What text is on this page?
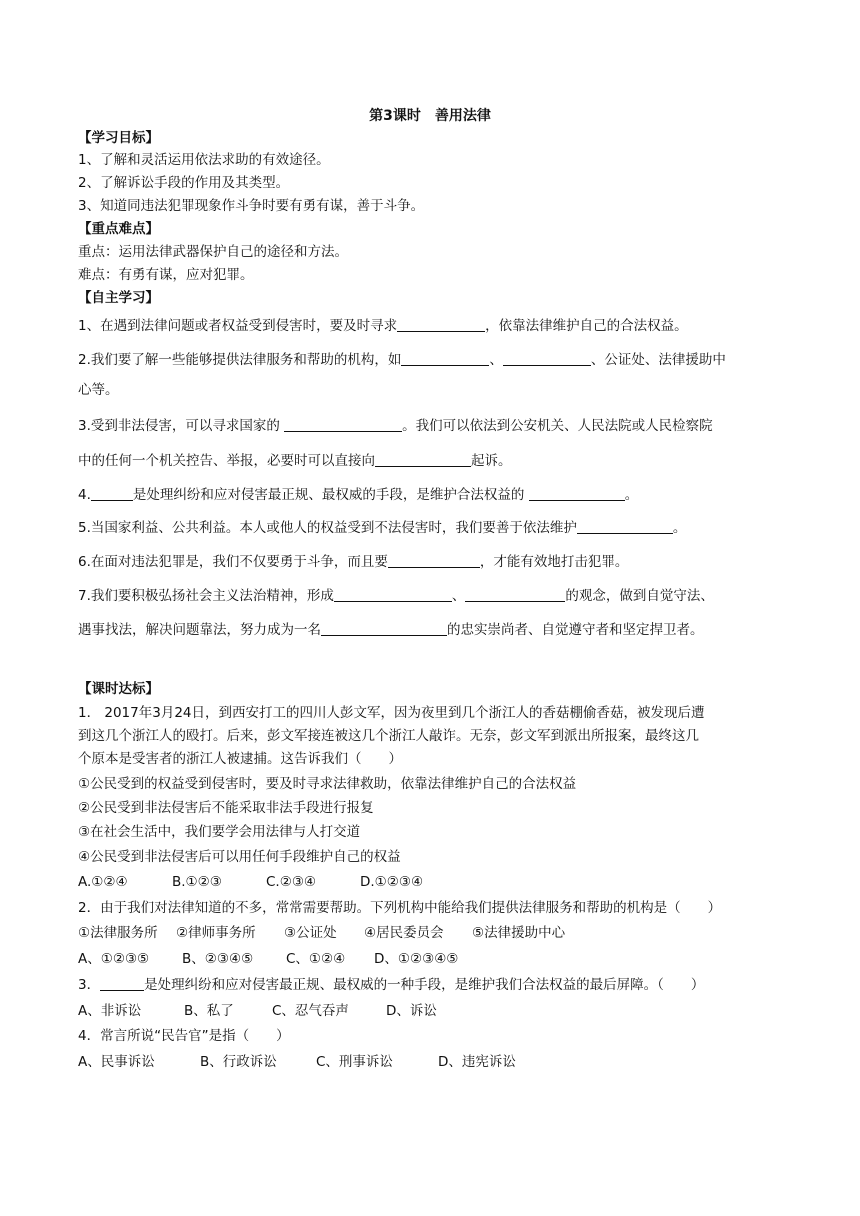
第3课时　善用法律
【学习目标】
1、了解和灵活运用依法求助的有效途径。
2、了解诉讼手段的作用及其类型。
3、知道同违法犯罪现象作斗争时要有勇有谋，善于斗争。
【重点难点】
重点：运用法律武器保护自己的途径和方法。
难点：有勇有谋，应对犯罪。
【自主学习】
1、在遇到法律问题或者权益受到侵害时，要及时寻求	，依靠法律维护自己的合法权益。
2.我们要了解一些能够提供法律服务和帮助的机构，如	、	、公证处、法律援助中
心等。
3.受到非法侵害，可以寻求国家的	。我们可以依法到公安机关、人民法院或人民检察院
中的任何一个机关控告、举报，必要时可以直接向	起诉。
4.	是处理纠纷和应对侵害最正规、最权威的手段，是维护合法权益的	。
5.当国家利益、公共利益。本人或他人的权益受到不法侵害时，我们要善于依法维护	。
6.在面对违法犯罪是，我们不仅要勇于斗争，而且要	，才能有效地打击犯罪。
7.我们要积极弘扬社会主义法治精神，形成	、	的观念，做到自觉守法、
遇事找法，解决问题靠法，努力成为一名	的忠实崇尚者、自觉遵守者和坚定捍卫者。
【课时达标】
1． 2017年3月24日，到西安打工的四川人彭文军，因为夜里到几个浙江人的香菇棚偷香菇，被发现后遭
到这几个浙江人的殴打。后来，彭文军接连被这几个浙江人敲诈。无奈，彭文军到派出所报案，最终这几
个原本是受害者的浙江人被逮捕。这告诉我们（　　）
①公民受到的权益受到侵害时，要及时寻求法律救助，依靠法律维护自己的合法权益
②公民受到非法侵害后不能采取非法手段进行报复
③在社会生活中，我们要学会用法律与人打交道
④公民受到非法侵害后可以用任何手段维护自己的权益
A.①②④	B.①②③	C.②③④	D.①②③④
2．由于我们对法律知道的不多，常常需要帮助。下列机构中能给我们提供法律服务和帮助的机构是（　　）
①法律服务所 ②律师事务所 ③公证处 ④居民委员会 ⑤法律援助中心
A、①②③⑤ B、②③④⑤ C、①②④ D、①②③④⑤
3．	是处理纠纷和应对侵害最正规、最权威的一种手段，是维护我们合法权益的最后屏障。（　　）
A、非诉讼	B、私了	C、忍气吞声	D、诉讼
4．常言所说“民告官”是指（　　）
A、民事诉讼	B、行政诉讼	C、刑事诉讼	D、违宪诉讼
